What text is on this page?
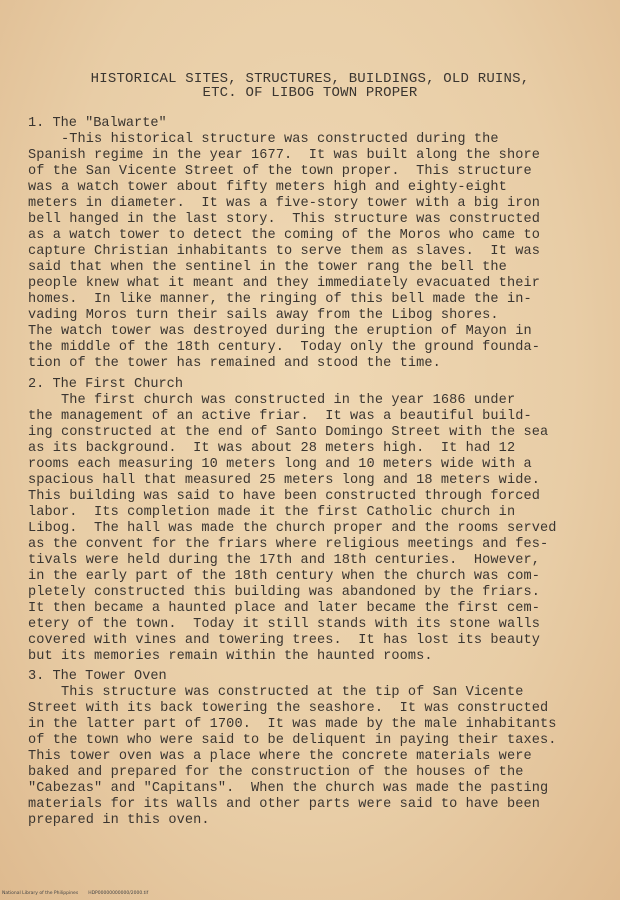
HISTORICAL SITES, STRUCTURES, BUILDINGS, OLD RUINS,
ETC. OF LIBOG TOWN PROPER
1. The "Balwarte"
-This historical structure was constructed during the
Spanish regime in the year 1677.  It was built along the shore
of the San Vicente Street of the town proper.  This structure
was a watch tower about fifty meters high and eighty-eight
meters in diameter.  It was a five-story tower with a big iron
bell hanged in the last story.  This structure was constructed
as a watch tower to detect the coming of the Moros who came to
capture Christian inhabitants to serve them as slaves.  It was
said that when the sentinel in the tower rang the bell the
people knew what it meant and they immediately evacuated their
homes.  In like manner, the ringing of this bell made the in-
vading Moros turn their sails away from the Libog shores.
The watch tower was destroyed during the eruption of Mayon in
the middle of the 18th century.  Today only the ground founda-
tion of the tower has remained and stood the time.
2. The First Church
The first church was constructed in the year 1686 under
the management of an active friar.  It was a beautiful build-
ing constructed at the end of Santo Domingo Street with the sea
as its background.  It was about 28 meters high.  It had 12
rooms each measuring 10 meters long and 10 meters wide with a
spacious hall that measured 25 meters long and 18 meters wide.
This building was said to have been constructed through forced
labor.  Its completion made it the first Catholic church in
Libog.  The hall was made the church proper and the rooms served
as the convent for the friars where religious meetings and fes-
tivals were held during the 17th and 18th centuries.  However,
in the early part of the 18th century when the church was com-
pletely constructed this building was abandoned by the friars.
It then became a haunted place and later became the first cem-
etery of the town.  Today it still stands with its stone walls
covered with vines and towering trees.  It has lost its beauty
but its memories remain within the haunted rooms.
3. The Tower Oven
This structure was constructed at the tip of San Vicente
Street with its back towering the seashore.  It was constructed
in the latter part of 1700.  It was made by the male inhabitants
of the town who were said to be deliquent in paying their taxes.
This tower oven was a place where the concrete materials were
baked and prepared for the construction of the houses of the
"Cabezas" and "Capitans".  When the church was made the pasting
materials for its walls and other parts were said to have been
prepared in this oven.
National Library of the Philippines HDP00000000000/2000.tif
